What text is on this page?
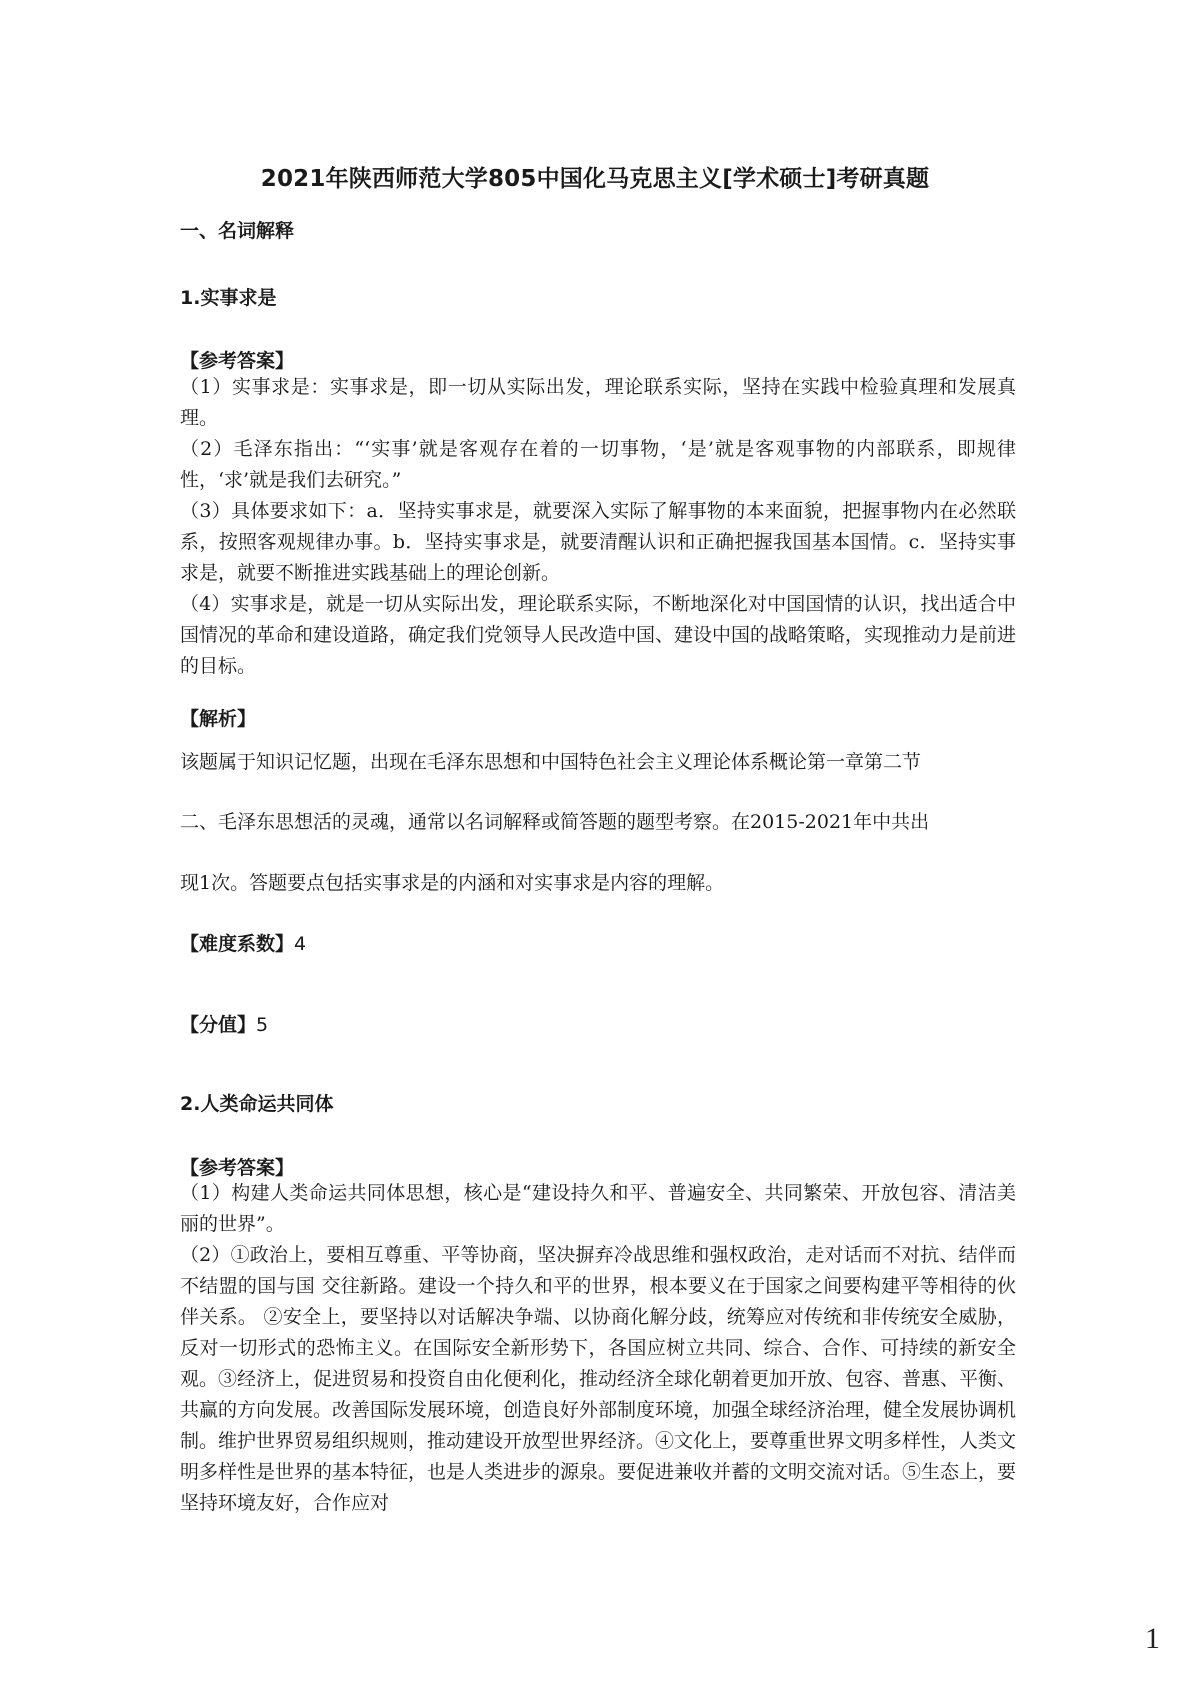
2021年陕西师范大学805中国化马克思主义[学术硕士]考研真题
一、名词解释
1.实事求是
【参考答案】
（1）实事求是：实事求是，即一切从实际出发，理论联系实际，坚持在实践中检验真理和发展真理。
（2）毛泽东指出：“‘实事’就是客观存在着的一切事物，‘是’就是客观事物的内部联系，即规律性，‘求’就是我们去研究。”
（3）具体要求如下：a．坚持实事求是，就要深入实际了解事物的本来面貌，把握事物内在必然联系，按照客观规律办事。b．坚持实事求是，就要清醒认识和正确把握我国基本国情。c．坚持实事求是，就要不断推进实践基础上的理论创新。
（4）实事求是，就是一切从实际出发，理论联系实际，不断地深化对中国国情的认识，找出适合中国情况的革命和建设道路，确定我们党领导人民改造中国、建设中国的战略策略，实现推动力是前进的目标。
【解析】
该题属于知识记忆题，出现在毛泽东思想和中国特色社会主义理论体系概论第一章第二节
二、毛泽东思想活的灵魂，通常以名词解释或简答题的题型考察。在2015-2021年中共出
现1次。答题要点包括实事求是的内涵和对实事求是内容的理解。
【难度系数】4
【分值】5
2.人类命运共同体
【参考答案】
（1）构建人类命运共同体思想，核心是“建设持久和平、普遍安全、共同繁荣、开放包容、清洁美丽的世界”。
（2）①政治上，要相互尊重、平等协商，坚决摒弃冷战思维和强权政治，走对话而不对抗、结伴而不结盟的国与国 交往新路。建设一个持久和平的世界，根本要义在于国家之间要构建平等相待的伙伴关系。 ②安全上，要坚持以对话解决争端、以协商化解分歧，统筹应对传统和非传统安全威胁，反对一切形式的恐怖主义。在国际安全新形势下，各国应树立共同、综合、合作、可持续的新安全观。③经济上，促进贸易和投资自由化便利化，推动经济全球化朝着更加开放、包容、普惠、平衡、共赢的方向发展。改善国际发展环境，创造良好外部制度环境，加强全球经济治理，健全发展协调机制。维护世界贸易组织规则，推动建设开放型世界经济。④文化上，要尊重世界文明多样性，人类文明多样性是世界的基本特征，也是人类进步的源泉。要促进兼收并蓄的文明交流对话。⑤生态上，要坚持环境友好，合作应对
1
